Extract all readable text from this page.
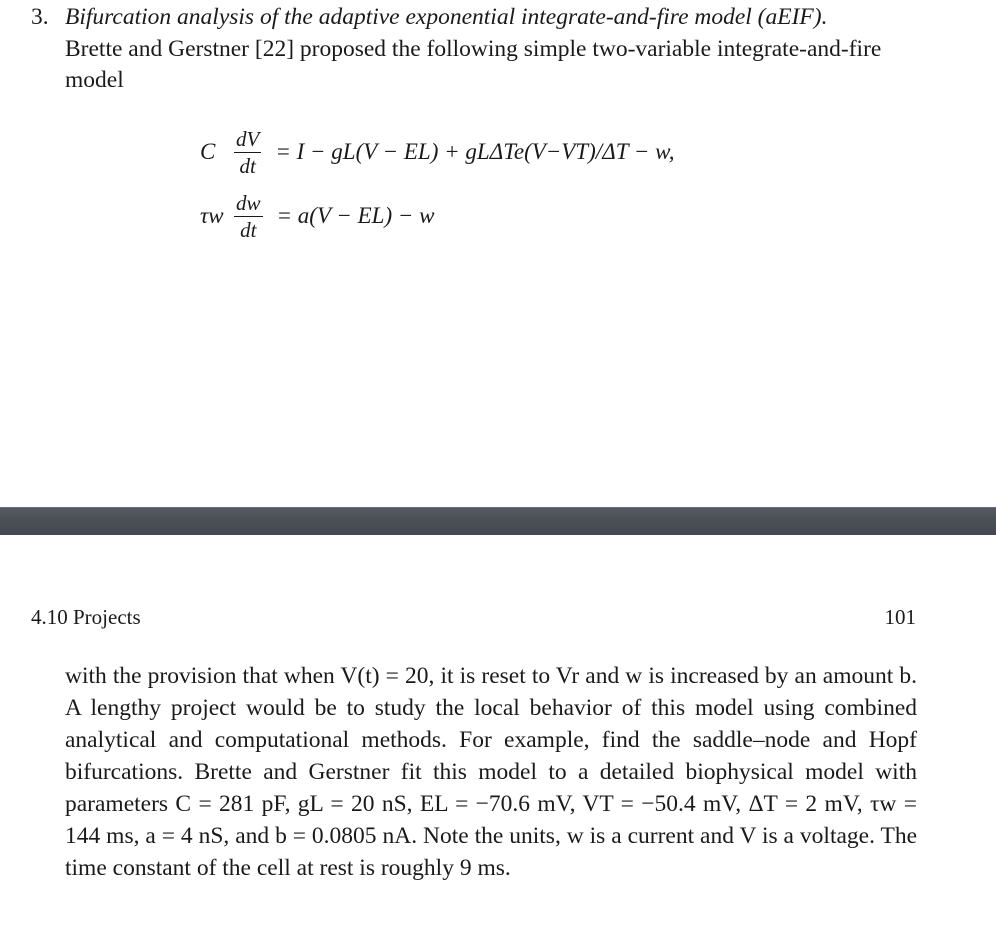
3. Bifurcation analysis of the adaptive exponential integrate-and-fire model (aEIF).
Brette and Gerstner [22] proposed the following simple two-variable integrate-and-fire model
C $\frac{dV}{dt} = I - gL(V - EL) + gL\Delta Te(V-VT)/\Delta T - w$,
τw $\frac{dw}{dt} = a(V - EL) - w$
4.10 Projects	101
with the provision that when V(t) = 20, it is reset to Vr and w is increased by an amount b. A lengthy project would be to study the local behavior of this model using combined analytical and computational methods. For example, find the saddle–node and Hopf bifurcations. Brette and Gerstner fit this model to a detailed biophysical model with parameters C = 281 pF, gL = 20 nS, EL = −70.6 mV, VT = −50.4 mV, ΔT = 2 mV, τw = 144 ms, a = 4 nS, and b = 0.0805 nA. Note the units, w is a current and V is a voltage. The time constant of the cell at rest is roughly 9 ms.
